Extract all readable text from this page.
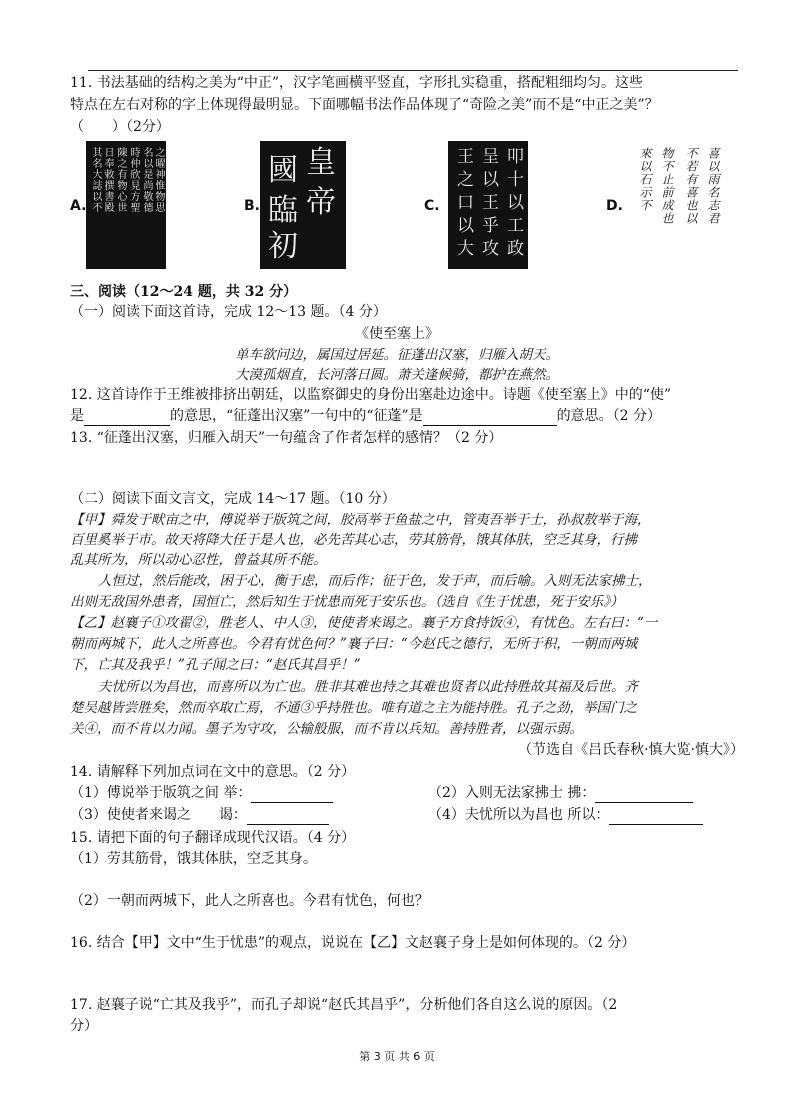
11. 书法基础的结构之美为“中正”，汉字笔画横平竖直，字形扎实稳重，搭配粗细均匀。这些
特点在左右对称的字上体现得最明显。下面哪幅书法作品体现了“奇险之美”而不是“中正之美”？
（　　）（2分）
A. 其名大誌以不 日奉敕撰書殿 陳之有物心世 時仲欣見方聖 名以是尚敬德 之曜神惟物思	B.
皇
帝
國
臨
初
C.	叩十以工政
呈以王乎攻
王之口以大	D.	喜以雨名志君
不若有喜也以
物不止前成也
來以石示不
三、阅读（12～24 题，共 32 分）
（一）阅读下面这首诗，完成 12～13 题。（4 分）
《使至塞上》
单车欲问边，属国过居延。征蓬出汉塞，归雁入胡天。
大漠孤烟直，长河落日圆。萧关逢候骑，都护在燕然。
12. 这首诗作于王维被排挤出朝廷，以监察御史的身份出塞赴边途中。诗题《使至塞上》中的“使”
是	的意思，“征蓬出汉塞”一句中的“征蓬”是	的意思。（2 分）
13. “征蓬出汉塞，归雁入胡天”一句蕴含了作者怎样的感情？（2 分）
（二）阅读下面文言文，完成 14～17 题。（10 分）
【甲】舜发于畎亩之中，傅说举于版筑之间，胶鬲举于鱼盐之中，管夷吾举于士，孙叔敖举于海，
百里奚举于市。故天将降大任于是人也，必先苦其心志，劳其筋骨，饿其体肤，空乏其身，行拂
乱其所为，所以动心忍性，曾益其所不能。
人恒过，然后能改，困于心，衡于虑，而后作；征于色，发于声，而后喻。入则无法家拂士，
出则无敌国外患者，国恒亡，然后知生于忧患而死于安乐也。（选自《生于忧患，死于安乐》）
【乙】赵襄子①攻翟②，胜老人、中人③，使使者来谒之。襄子方食持饭④，有忧色。左右曰：“一
朝而两城下，此人之所喜也。今君有忧色何？”襄子曰：“今赵氏之德行，无所于积，一朝而两城
下，亡其及我乎！”孔子闻之曰：“赵氏其昌乎！”
夫忧所以为昌也，而喜所以为亡也。胜非其难也持之其难也贤者以此持胜故其福及后世。齐
楚吴越皆尝胜矣，然而卒取亡焉，不通③乎持胜也。唯有道之主为能持胜。孔子之劲，举国门之
关④，而不肯以力闻。墨子为守攻，公输般服，而不肯以兵知。善持胜者，以强示弱。
（节选自《吕氏春秋·慎大览·慎大》）
14. 请解释下列加点词在文中的意思。（2 分）
（1）傅说举于版筑之间 举：	（2）入则无法家拂士 拂：
（3）使使者来谒之　　谒：	（4）夫忧所以为昌也 所以：
15. 请把下面的句子翻译成现代汉语。（4 分）
（1）劳其筋骨，饿其体肤，空乏其身。
（2）一朝而两城下，此人之所喜也。今君有忧色，何也？
16. 结合【甲】文中“生于忧患”的观点，说说在【乙】文赵襄子身上是如何体现的。（2 分）
17. 赵襄子说“亡其及我乎”，而孔子却说“赵氏其昌乎”，分析他们各自这么说的原因。（2
分）
第 3 页 共 6 页
